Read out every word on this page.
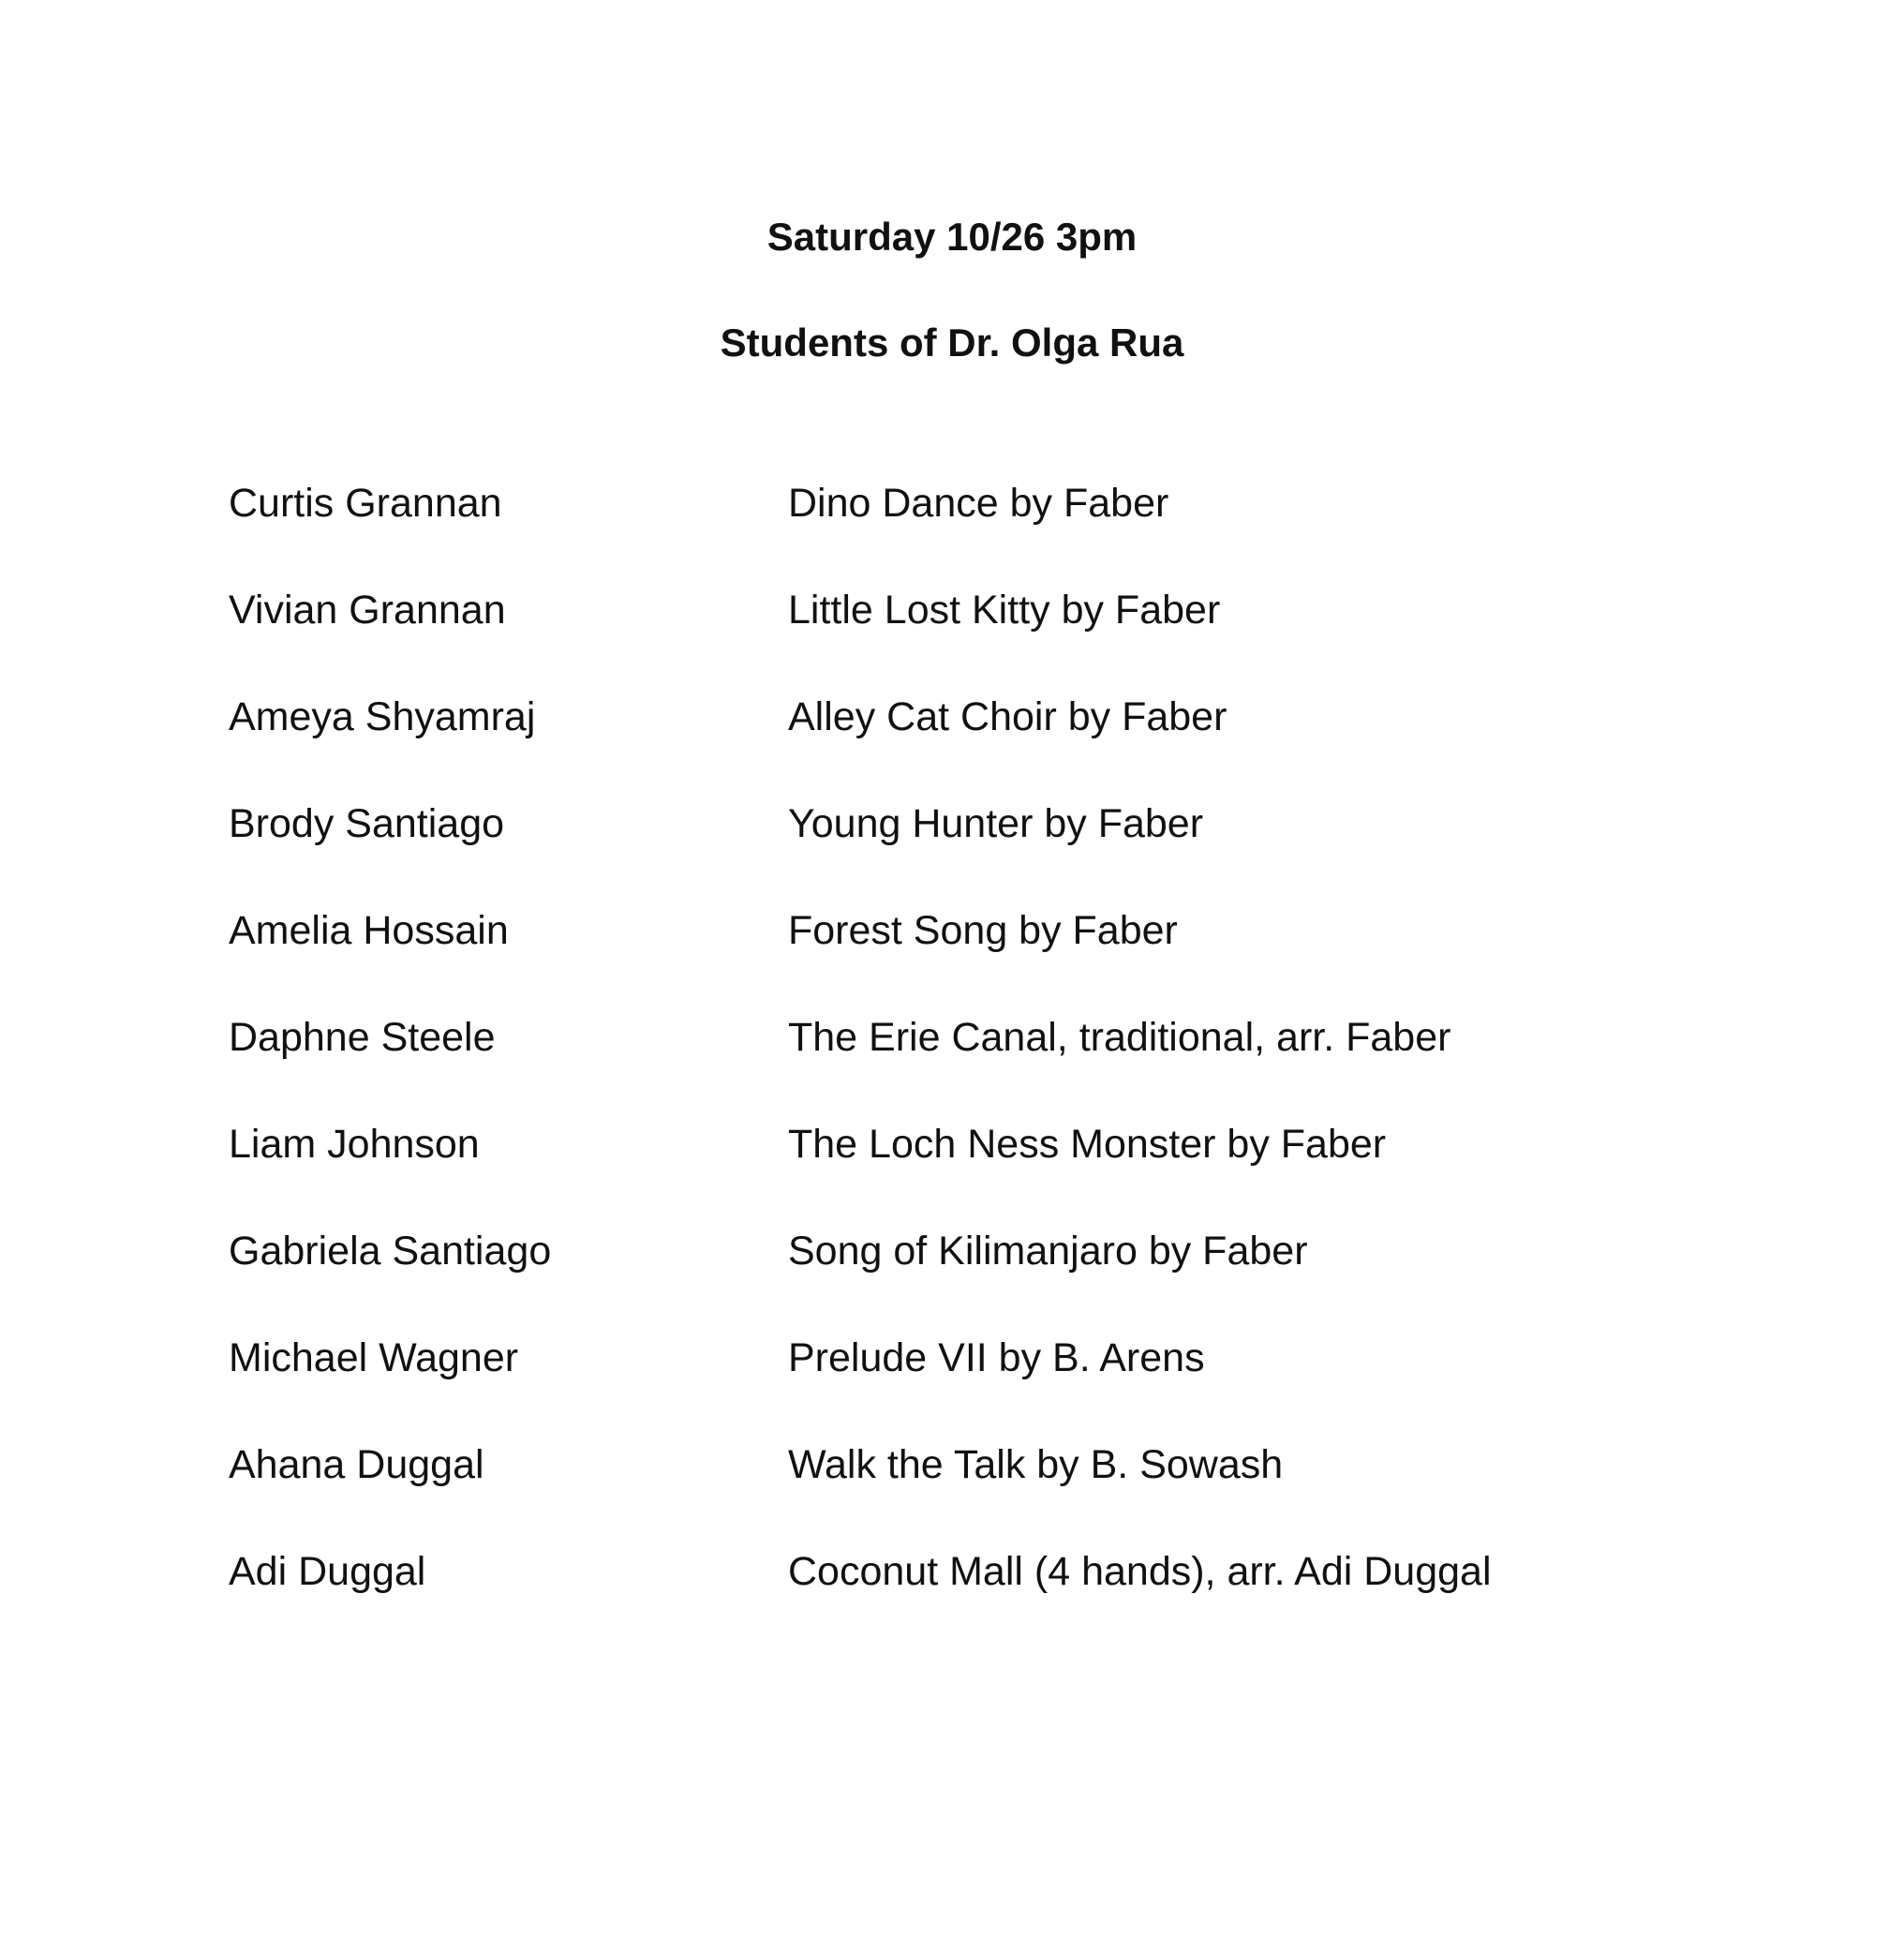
Saturday 10/26 3pm
Students of Dr. Olga Rua
Curtis Grannan	Dino Dance by Faber
Vivian Grannan	Little Lost Kitty by Faber
Ameya Shyamraj	Alley Cat Choir by Faber
Brody Santiago	Young Hunter by Faber
Amelia Hossain	Forest Song by Faber
Daphne Steele	The Erie Canal, traditional, arr. Faber
Liam Johnson	The Loch Ness Monster by Faber
Gabriela Santiago	Song of Kilimanjaro by Faber
Michael Wagner	Prelude VII by B. Arens
Ahana Duggal	Walk the Talk by B. Sowash
Adi Duggal	Coconut Mall (4 hands), arr. Adi Duggal
